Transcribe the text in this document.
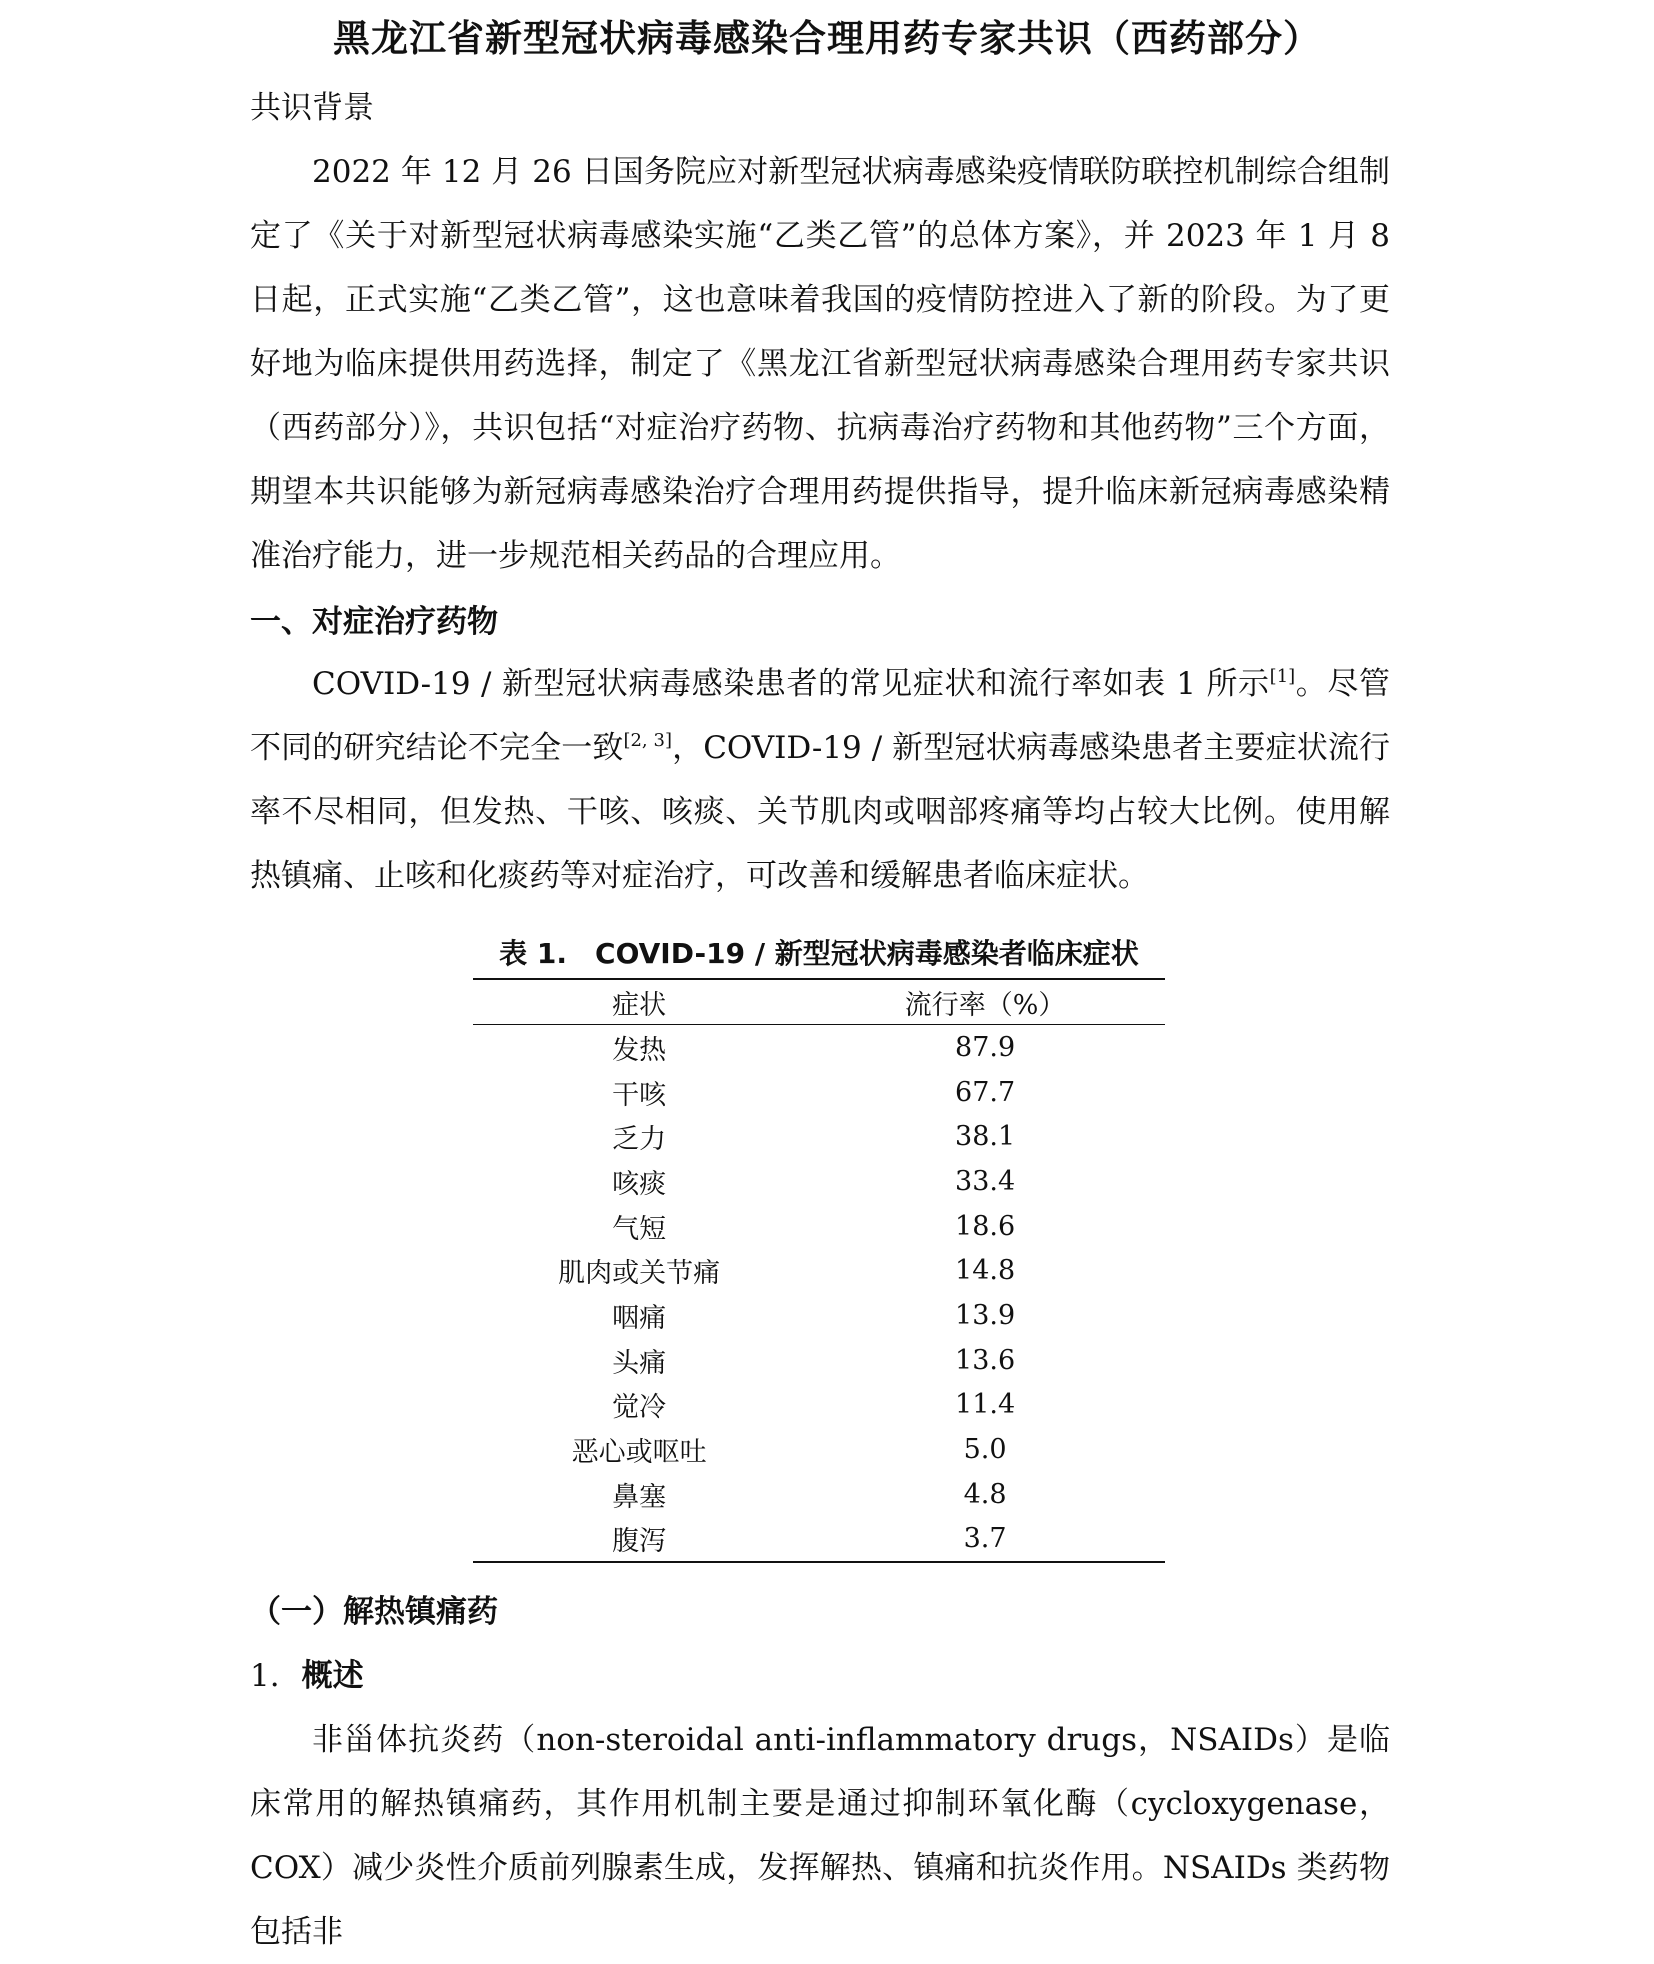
黑龙江省新型冠状病毒感染合理用药专家共识（西药部分）
共识背景
2022 年 12 月 26 日国务院应对新型冠状病毒感染疫情联防联控机制综合组制定了《关于对新型冠状病毒感染实施“乙类乙管”的总体方案》，并 2023 年 1 月 8 日起，正式实施“乙类乙管”，这也意味着我国的疫情防控进入了新的阶段。为了更好地为临床提供用药选择，制定了《黑龙江省新型冠状病毒感染合理用药专家共识（西药部分）》，共识包括“对症治疗药物、抗病毒治疗药物和其他药物”三个方面，期望本共识能够为新冠病毒感染治疗合理用药提供指导，提升临床新冠病毒感染精准治疗能力，进一步规范相关药品的合理应用。
一、对症治疗药物
COVID-19 / 新型冠状病毒感染患者的常见症状和流行率如表 1 所示[1]。尽管不同的研究结论不完全一致[2, 3]，COVID-19 / 新型冠状病毒感染患者主要症状流行率不尽相同，但发热、干咳、咳痰、关节肌肉或咽部疼痛等均占较大比例。使用解热镇痛、止咳和化痰药等对症治疗，可改善和缓解患者临床症状。
表 1.　COVID-19 / 新型冠状病毒感染者临床症状
症状	流行率（%）
发热	87.9
干咳	67.7
乏力	38.1
咳痰	33.4
气短	18.6
肌肉或关节痛	14.8
咽痛	13.9
头痛	13.6
觉冷	11.4
恶心或呕吐	5.0
鼻塞	4.8
腹泻	3.7
（一）解热镇痛药
1. 概述
非甾体抗炎药（non-steroidal anti-inflammatory drugs，NSAIDs）是临床常用的解热镇痛药，其作用机制主要是通过抑制环氧化酶（cycloxygenase，COX）减少炎性介质前列腺素生成，发挥解热、镇痛和抗炎作用。NSAIDs 类药物包括非
